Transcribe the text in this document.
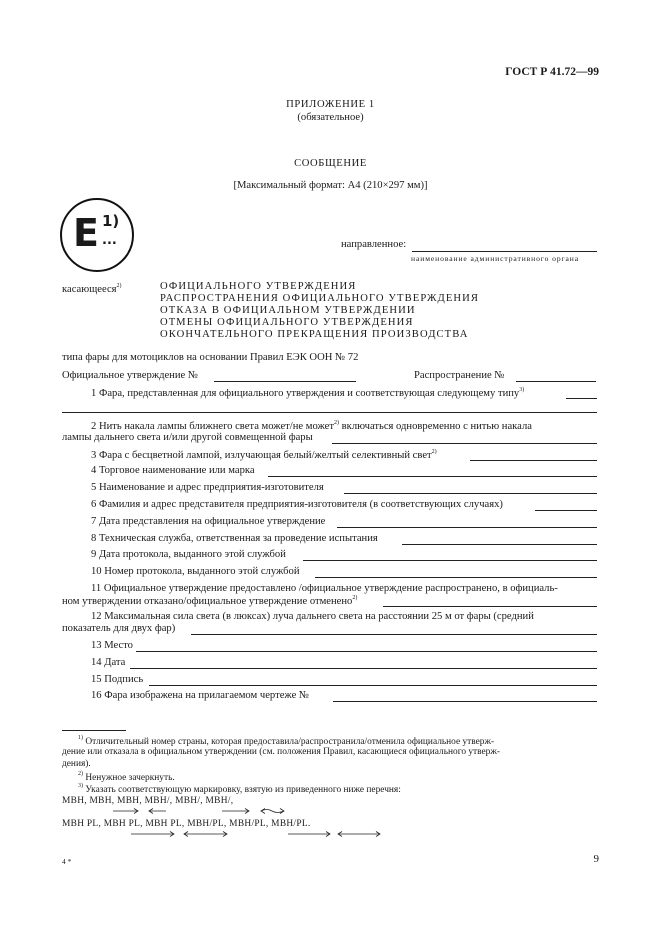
ГОСТ Р 41.72—99
ПРИЛОЖЕНИЕ 1
(обязательное)
СООБЩЕНИЕ
[Максимальный формат: А4 (210×297 мм)]
E 1)
...	направленное:
наименование административного органа
касающееся$^{2)}$	ОФИЦИАЛЬНОГО УТВЕРЖДЕНИЯ
РАСПРОСТРАНЕНИЯ ОФИЦИАЛЬНОГО УТВЕРЖДЕНИЯ
ОТКАЗА В ОФИЦИАЛЬНОМ УТВЕРЖДЕНИИ
ОТМЕНЫ ОФИЦИАЛЬНОГО УТВЕРЖДЕНИЯ
ОКОНЧАТЕЛЬНОГО ПРЕКРАЩЕНИЯ ПРОИЗВОДСТВА
типа фары для мотоциклов на основании Правил ЕЭК ООН № 72
Официальное утверждение №	Распространение №
1 Фара, представленная для официального утверждения и соответствующая следующему типу$^{3)}$
2 Нить накала лампы ближнего света может/не может$^{2)}$ включаться одновременно с нитью накала
лампы дальнего света и/или другой совмещенной фары
3 Фара с бесцветной лампой, излучающая белый/желтый селективный свет$^{2)}$
4 Торговое наименование или марка
5 Наименование и адрес предприятия-изготовителя
6 Фамилия и адрес представителя предприятия-изготовителя (в соответствующих случаях)
7 Дата представления на официальное утверждение
8 Техническая служба, ответственная за проведение испытания
9 Дата протокола, выданного этой службой
10 Номер протокола, выданного этой службой
11 Официальное утверждение предоставлено /официальное утверждение распространено, в официаль-
ном утверждении отказано/официальное утверждение отменено$^{2)}$
12 Максимальная сила света (в люксах) луча дальнего света на расстоянии 25 м от фары (средний
показатель для двух фар)
13 Место
14 Дата
15 Подпись
16 Фара изображена на прилагаемом чертеже №
$^{1)}$ Отличительный номер страны, которая предоставила/распространила/отменила официальное утверж-
дение или отказала в официальном утверждении (см. положения Правил, касающиеся официального утверж-
дения).
$^{2)}$ Ненужное зачеркнуть.
$^{3)}$ Указать соответствующую маркировку, взятую из приведенного ниже перечня:
MBH, MBH, MBH, MBH/, MBH/, MBH/,
MBH PL, MBH PL, MBH PL, MBH/PL, MBH/PL, MBH/PL.
4 *	9
